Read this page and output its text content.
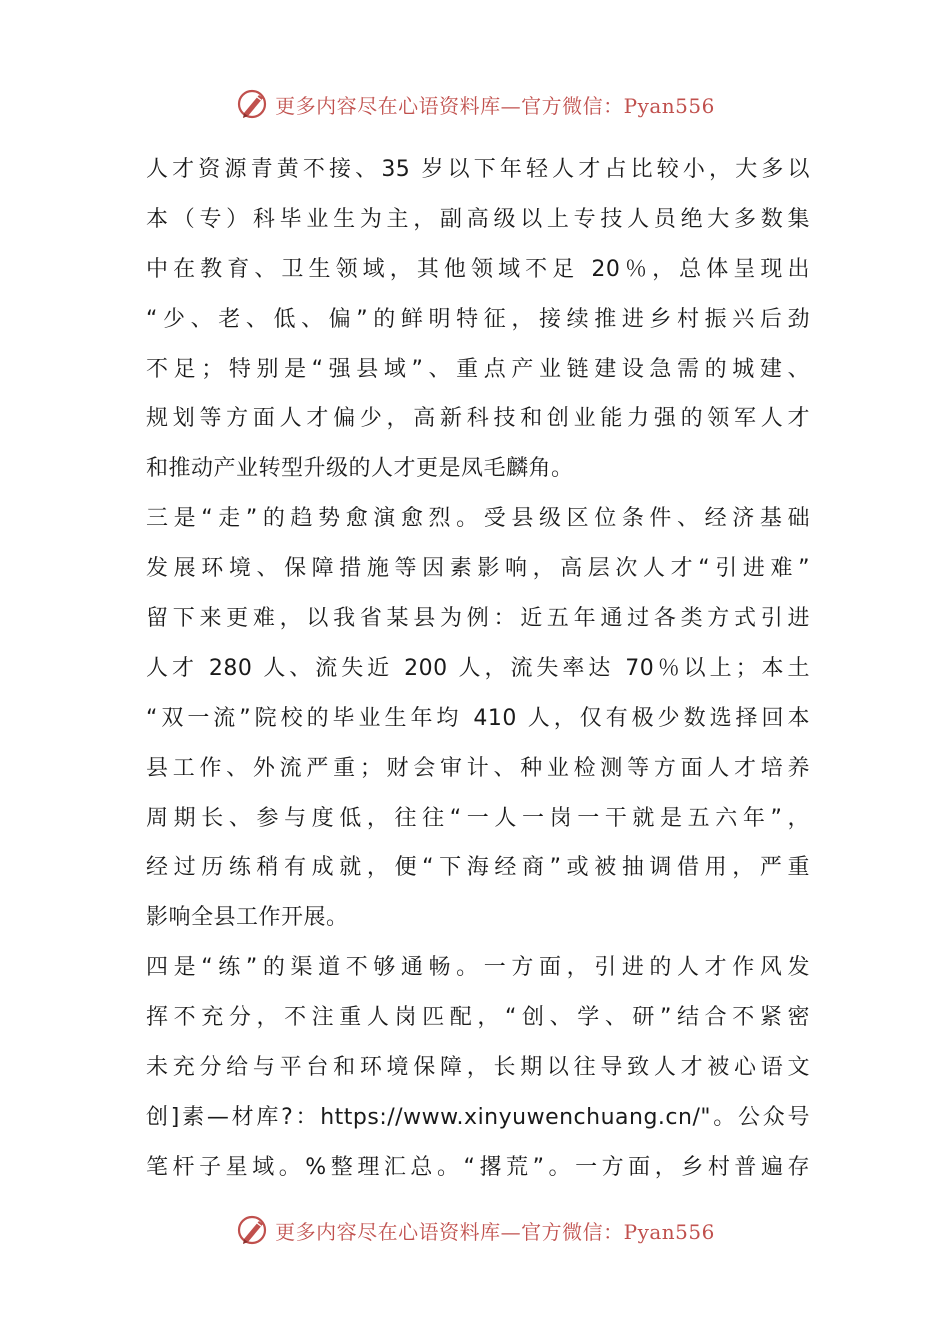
更多内容尽在心语资料库—官方微信：Pyan556
人才资源青黄不接、35 岁以下年轻人才占比较小，大多以
本（专）科毕业生为主，副高级以上专技人员绝大多数集
中在教育、卫生领域，其他领域不足 20％，总体呈现出
“少、老、低、偏”的鲜明特征，接续推进乡村振兴后劲
不足；特别是“强县域”、重点产业链建设急需的城建、
规划等方面人才偏少，高新科技和创业能力强的领军人才
和推动产业转型升级的人才更是凤毛麟角。
三是“走”的趋势愈演愈烈。受县级区位条件、经济基础
发展环境、保障措施等因素影响，高层次人才“引进难”
留下来更难，以我省某县为例：近五年通过各类方式引进
人才 280 人、流失近 200 人，流失率达 70％以上；本土
“双一流”院校的毕业生年均 410 人，仅有极少数选择回本
县工作、外流严重；财会审计、种业检测等方面人才培养
周期长、参与度低，往往“一人一岗一干就是五六年”，
经过历练稍有成就，便“下海经商”或被抽调借用，严重
影响全县工作开展。
四是“练”的渠道不够通畅。一方面，引进的人才作风发
挥不充分，不注重人岗匹配，“创、学、研”结合不紧密
未充分给与平台和环境保障，长期以往导致人才被心语文
创]素—材库?：https://www.xinyuwenchuang.cn/"。公众号
笔杆子星域。%整理汇总。“撂荒”。一方面，乡村普遍存
更多内容尽在心语资料库—官方微信：Pyan556
